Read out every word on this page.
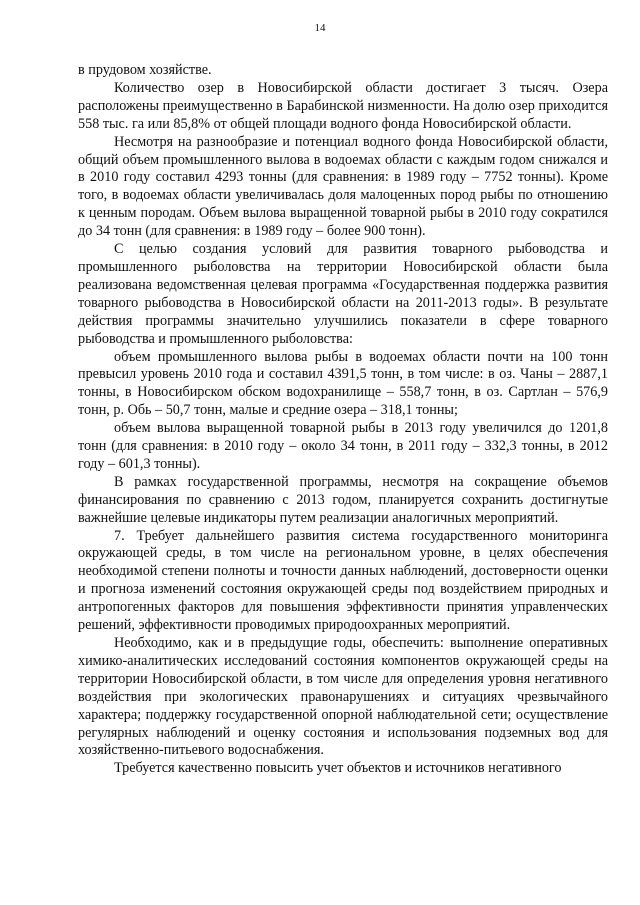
14

в прудовом хозяйстве.

Количество озер в Новосибирской области достигает 3 тысяч. Озера расположены преимущественно в Барабинской низменности. На долю озер приходится 558 тыс. га или 85,8% от общей площади водного фонда Новосибирской области.

Несмотря на разнообразие и потенциал водного фонда Новосибирской области, общий объем промышленного вылова в водоемах области с каждым годом снижался и в 2010 году составил 4293 тонны (для сравнения: в 1989 году – 7752 тонны). Кроме того, в водоемах области увеличивалась доля малоценных пород рыбы по отношению к ценным породам. Объем вылова выращенной товарной рыбы в 2010 году сократился до 34 тонн (для сравнения: в 1989 году – более 900 тонн).

С целью создания условий для развития товарного рыбоводства и промышленного рыболовства на территории Новосибирской области была реализована ведомственная целевая программа «Государственная поддержка развития товарного рыбоводства в Новосибирской области на 2011-2013 годы». В результате действия программы значительно улучшились показатели в сфере товарного рыбоводства и промышленного рыболовства:

объем промышленного вылова рыбы в водоемах области почти на 100 тонн превысил уровень 2010 года и составил 4391,5 тонн, в том числе: в оз. Чаны – 2887,1 тонны, в Новосибирском обском водохранилище – 558,7 тонн, в оз. Сартлан – 576,9 тонн, р. Обь – 50,7 тонн, малые и средние озера – 318,1 тонны;

объем вылова выращенной товарной рыбы в 2013 году увеличился до 1201,8 тонн (для сравнения: в 2010 году – около 34 тонн, в 2011 году – 332,3 тонны, в 2012 году – 601,3 тонны).

В рамках государственной программы, несмотря на сокращение объемов финансирования по сравнению с 2013 годом, планируется сохранить достигнутые важнейшие целевые индикаторы путем реализации аналогичных мероприятий.

7. Требует дальнейшего развития система государственного мониторинга окружающей среды, в том числе на региональном уровне, в целях обеспечения необходимой степени полноты и точности данных наблюдений, достоверности оценки и прогноза изменений состояния окружающей среды под воздействием природных и антропогенных факторов для повышения эффективности принятия управленческих решений, эффективности проводимых природоохранных мероприятий.

Необходимо, как и в предыдущие годы, обеспечить: выполнение оперативных химико-аналитических исследований состояния компонентов окружающей среды на территории Новосибирской области, в том числе для определения уровня негативного воздействия при экологических правонарушениях и ситуациях чрезвычайного характера; поддержку государственной опорной наблюдательной сети; осуществление регулярных наблюдений и оценку состояния и использования подземных вод для хозяйственно-питьевого водоснабжения.

Требуется качественно повысить учет объектов и источников негативного
